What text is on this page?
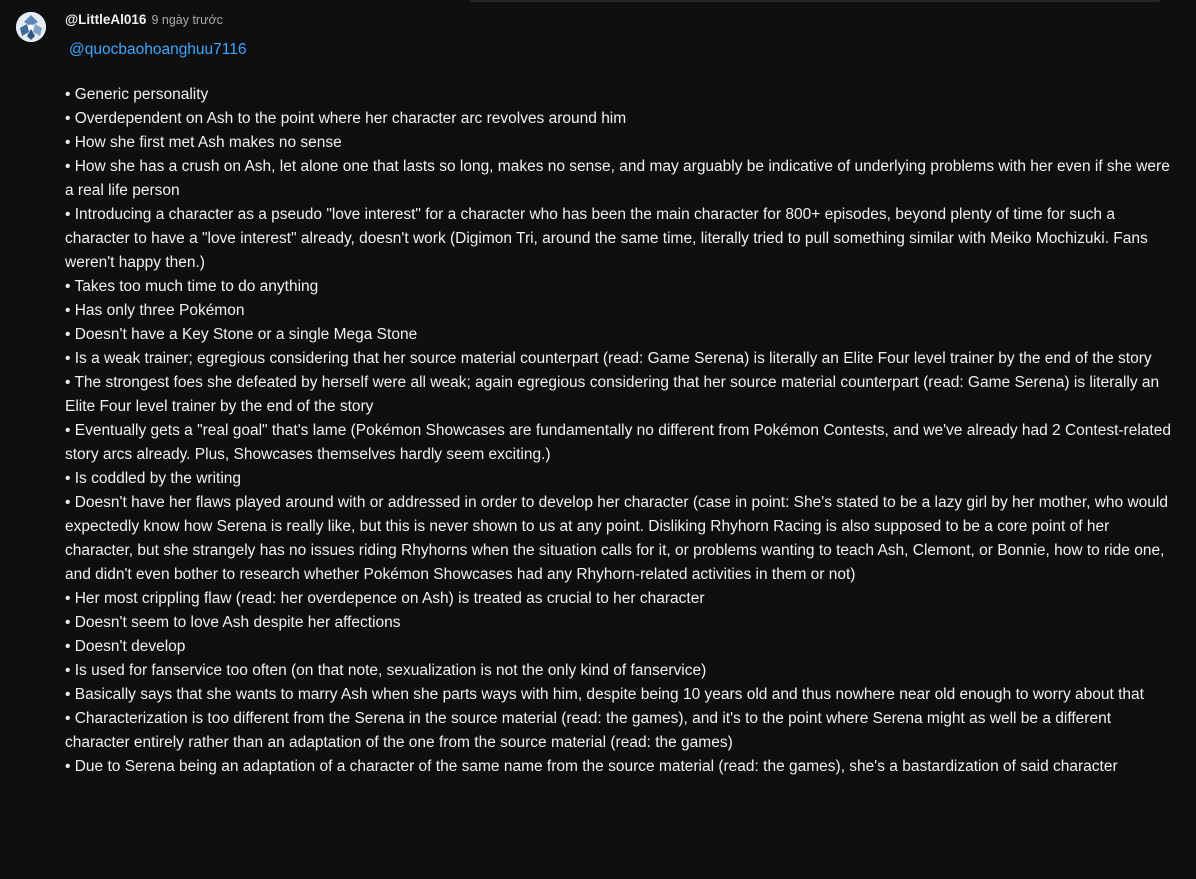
@LittleAl016 9 ngày trước
@quocbaohoanghuu7116
• Generic personality
• Overdependent on Ash to the point where her character arc revolves around him
• How she first met Ash makes no sense
• How she has a crush on Ash, let alone one that lasts so long, makes no sense, and may arguably be indicative of underlying problems with her even if she were a real life person
• Introducing a character as a pseudo "love interest" for a character who has been the main character for 800+ episodes, beyond plenty of time for such a character to have a "love interest" already, doesn't work (Digimon Tri, around the same time, literally tried to pull something similar with Meiko Mochizuki. Fans weren't happy then.)
• Takes too much time to do anything
• Has only three Pokémon
• Doesn't have a Key Stone or a single Mega Stone
• Is a weak trainer; egregious considering that her source material counterpart (read: Game Serena) is literally an Elite Four level trainer by the end of the story
• The strongest foes she defeated by herself were all weak; again egregious considering that her source material counterpart (read: Game Serena) is literally an Elite Four level trainer by the end of the story
• Eventually gets a "real goal" that's lame (Pokémon Showcases are fundamentally no different from Pokémon Contests, and we've already had 2 Contest-related story arcs already. Plus, Showcases themselves hardly seem exciting.)
• Is coddled by the writing
• Doesn't have her flaws played around with or addressed in order to develop her character (case in point: She's stated to be a lazy girl by her mother, who would expectedly know how Serena is really like, but this is never shown to us at any point. Disliking Rhyhorn Racing is also supposed to be a core point of her character, but she strangely has no issues riding Rhyhorns when the situation calls for it, or problems wanting to teach Ash, Clemont, or Bonnie, how to ride one, and didn't even bother to research whether Pokémon Showcases had any Rhyhorn-related activities in them or not)
• Her most crippling flaw (read: her overdepence on Ash) is treated as crucial to her character
• Doesn't seem to love Ash despite her affections
• Doesn't develop
• Is used for fanservice too often (on that note, sexualization is not the only kind of fanservice)
• Basically says that she wants to marry Ash when she parts ways with him, despite being 10 years old and thus nowhere near old enough to worry about that
• Characterization is too different from the Serena in the source material (read: the games), and it's to the point where Serena might as well be a different character entirely rather than an adaptation of the one from the source material (read: the games)
• Due to Serena being an adaptation of a character of the same name from the source material (read: the games), she's a bastardization of said character
